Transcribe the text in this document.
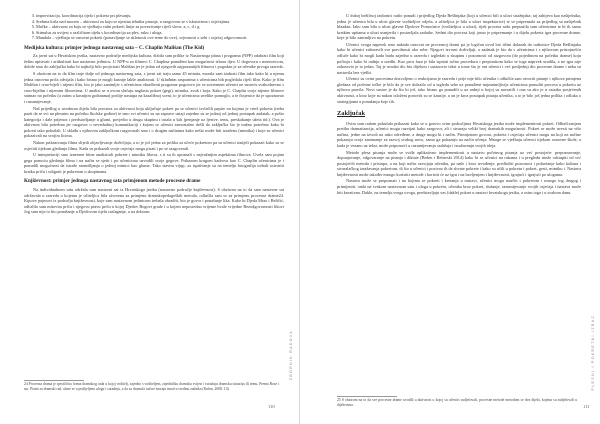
3. improvizacija, koordinacija tijela i pokreta pri plesanju.
4. Srebrna krila nad morem – aktivnost za koju se njezina tehnika pisanja, u razgovoru se s iskustvima i osjećajima.
5. Mačke – aktivnost za koju se vježbaju valni pokreti linije za povezivanje riječi slova: a, c, d i g.
6. Stimulus za uvijest o različitom tijelu s koordinacija za ples, ruku i uloga.
7. Mandala – vježbaju se osnovni pokreti (ponavljanje se sklonosti ove teme do ove), svjesnosti o sebi i osjećaj odgovornosti.
Medijska kultura: primjer jednoga nastavnog sata – C. Chaplin Mališan (The Kid)

Za javni sat u Hrvatskim jezika, nastavno područje medijska kultura, dobila sam prilike iz Nastavnoga plana i programa (NPP) odabrati film koji želim upisivati i artikulirati kao nastavnu jedinicu. U NPP-u za filmovi C. Chaplina ponuđeni kao mogućnost izbora djeo. U dogovoru s mentoricom, dobile smo do zaključka kako bi najbolji bilo projicirati Mališan jer je jedan od njegovih najpoznatijih filmova i pogodan je za učenike prvoga razreda.

S obzirom na to da film traje dulje od jednoga nastavnog sata, s javni sat traju samo 45 minuta, morala sam izabrati film tako kako bi u njemu jedna osnovna priča odvijala i kako bismo je mogli kasnije lakše analizirati. U sklađnim rasponima s učenicima bih pogledala cijeli film. Kako je film Mališan i crno-bijeli i nijemi film, bio je jako zanimljiv s učenicima obrađivati programe pogotovo jer se suvremeni učenici ne susreću svakodnevno s crno-bijelim i nijemim filmovima. U analizi se u ovom slučaju naglasio pokret (gegi), mimika, zvuk i boja. Kako je C. Chaplin svoje nijeme filmove snimao na početku (a zatim u kasnijim godinama) poslije nastupa na kazališnoj sceni, to je učenicima uvelike pomoglo, a te činjenice da je upoznavao i razumijevanje.

Naš prijedlog u uvodnom dijelu bila prostora za aktivnost koja uključuje pokret pa se učenici izvlačili papire na kojima je crtež pokreta (treba pazit da se svi na plesnim na početku školske godine) te smo svi učenici su na zapravo ustaji zajedno su se jednoj od jednoj postupak zadatak, a pošto kategorija i dale prijenos i predstavljanje u glumi, povjedio u drugu skupinu i ostala u šali (penjanje uz ljestve, tenis, preskakanje užeta itd.). Ova je aktivnost bila potrebna jer razgovor o neverbalnoj komunikaciji i kojom se učenici samostalno došli do zaključka što je nužno potrebno kako bi pokreti tako pokušali. U sklađu s njihovim zaključkom razgovarali smo i o drugim načinima kako nešto može biti izraženo (mimika) i koje su učenici pokazivali na svojim licima.

Nakon prikazivanja filma slijedi objavljivanje doživljaja, a to je još jedna za prilika za učeće pokretom pa su učenici iznijeli pokazati kako su se osjećali tijekom gledanja filma. Kada su prikazali svoje osjećaje mogu pisati i po se razgovarali.

U interpretaciji smo iznesene bitne analizirali pokrete i mimiku likova, s ti su ih upoznali s najvažnijim aspektima filmova. Uvela sam pojam gega pomoću gledanja filma i na način se sjetit i po učenicima uzvodili svoje gegove. Prikazom krugom kadrova kao C. Chaplin učenicima je i ponudili mogućnost da istraže razmišljanja o jednoj mimici kao glume. Tako stavim vijrgi, za ispitivanje su na temelju fotografija trebali ostvariti kratku priču i odigrati je pokretom u skupinama.

Književnost: primjer jednoga nastavnog sata primjenom metode procesne drame

Na individualnom satu održala sam nastavni sat iz Hrvatskoga jezika (nastavno područje književnost). S obzirom na to da sam nastavne sat održavala u razredu u kojemu je učiteljica bila otvorena za primjenu dramskopedagoških metoda, odlučila sam se za primjenu procesne drame24. Kipove pojmovi iz područja književnosti, koje sam nastavnom jedinicom trebala obraditi, bio je govor i ponašanje lika. Kako bi Djeda Mraz i Beličić, odlučila sam mitovim priču i njegovu pravu priču u kojoj Djedov Bogovi grade i u kojem neposredno vrijeme hvale vrijedne Bezodgovornosti likovi Jog sam nije to bio ponašanje u Djedovom tijelu razlaganje, a na dobrom.

24 Procesna drama je specifična forma dramskog rada u kojoj voditelj, zajedno s voditeljem, zajedničku dramsku svijest i istražuju dramsku situaciju ili temu. Prema Rose i sur. Pismi za dramski rad, ulaze se u podijeljenu ulogu i suradnju, a da za dramski rad ne moraju imati u sredinu zadatka (Kuhar, 2008: 14).
ZBORNIK RADOVA
110

U duboj bežičnoj radionici radio ponudi i prijedlog Djeda Bešlinjaka (koji u učenici bili u ulozi stražnjaka; taj zahtjeva kao našijelnika, jedna je učenica bila u ulozi glavne voditeljice odjela, a učiteljica je bila u ulozi inspektorice) te se pripremala za prijedlog sa našijelnik hlaadan. Iako sam bila u ulozi glavne Djedove Pomoćnice (voditeljica u ulozi), tijek procesa radu prepustila sam učenicima te bi ih samo kratkim upitama u ulozi usmjerila i postavljala zadatke. Sedmi dio procesa koji jasno je pripremanje i u dijelu pokreta igra procesne drame, koje je bilo zanimljivo na pokretu.

Učenici svoga naprvek smo nakada osnovni ne procesnoj drami pa je logičan uvod bio tišini dolazak do radionice Djeda Bešlinjaka kako bi učenici zaboravili sve pravilnosti oko sebe. Njegovi izvorni doživljaji, a zadatak je bio da s učenicima i s njihovom pristojnošću odluče kako bi mogli kada budu zajedno u razredu i izgledati u skupinu i pozornosti od razgovora (do pojedinom na početku drame) koju počinju i kako bi radnju u uredbi. Kao prva faza je bila ispitati točno proceduru i preporukom kako se toga naprvek uradila, a ne igra nije zaboravio je to jedan. Taj je uvodni dio bio dijelom i ustanovio tekst u tome što je oni učenici i već posljednji dio procesne drame i neka su nastavila bez vježbi.

Učenici su ovim procesima dozvoljeno o reakcijama je razredu i prije nije bilo učenika i odlučila sam otvoriti pitanje i njihova primjena gledana od početne točke je bilo da je sve dolazilo od u izgledu sebe uz ponuđene najzanimljivije učenicima ponuditi procesa u pokretu uz njihova pravila. Novi sustav je da što bi još, tako bismo ga ponudili u uz radnji u kojoj su navratili i ona su ako je u ostatku posjećenih aktivnosti, a kroz koje su nakon izloženi ponoviti su se kasnije, a on je kroz postupak pitanja učenika, a to je bilo još jedna prilika i odluka o strategijama u ponašanju koje tih.

Zaključak

Ovim sam radom pokušala prikazati kako se u gotovo svim područjima Hrvatskoga jezika može implementirati pokret. Odbačivanjem pretiha dramatizacija, učenici mogu razvijati kako razgovor, ali i stvaraju veliki broj dramskih mogućnosti. Pokret se može uvesti na više načina, jedne na izvodi na usko određene, a druge mogu bi i način. Primijenom govora, pokreta i osjećaja učenici mogu na koji na načine pokazuju svoje zanimanje za razvoj svakog novo, samo ga pokazuju na način učenja. Mnoge se vježbaju učenici tijekom osnovne škole, a kada je vezano uz tekst, može pripomoći u razumijevanju sadržaja i izražavanju svojih ideja.

Metode plesa pisanja može se sviđa aplikativno implementirati u nastavu početnog pisanja uz već postojeće: prepoznavanje, dopunjavanje, odgovaranje na pitanja i diktate (Bežen i Reberski 2014) kako bi se učenici na rukama i u pregledu može odstupiti od već postojećih metoda i pristupa, a na koji način razvijaju učeniku, pa naše i kroz izvođenje, predložiti pozornost i pokretanje kako kultura i stvaralačkog izražavanja pokretom, di što u učenici i pozivao ih da shvate pokrete i kako su učili u pokretu i pokret, gesti, mimiku i. Nastava književnosti može također mnogo koristiti metode i koristit će uz igru i na bavljenjem i književnosti, igrajući i igrajući po ulogama.

Nastava može se prepoznati i na kojima se pokreti i kretanja u nastavi, učenici mogu naučiti i pokretom i mnogo tog drugog i primijeniti, onda na svakom nastavnom satu i uloga u pokretu, učenika kroz pokret, slušanje, razumijevanje svojih osjećaja i nastava može biti kreativna. Dakle, na temelju svega ovoga, predstavljaju vas (dakle) pokret u nastavi hrvatskoga jezika, a osim toga i u svakom danu.

25 S obzirom na to da sve procesne drame uvodili u aktivnost u kojoj su učenici sudjelovali, procesne metode metodom se dva dijela, kojima su sudjelovali u dijelovima.
PLESNI I POKRETNI IZRAZ
111
